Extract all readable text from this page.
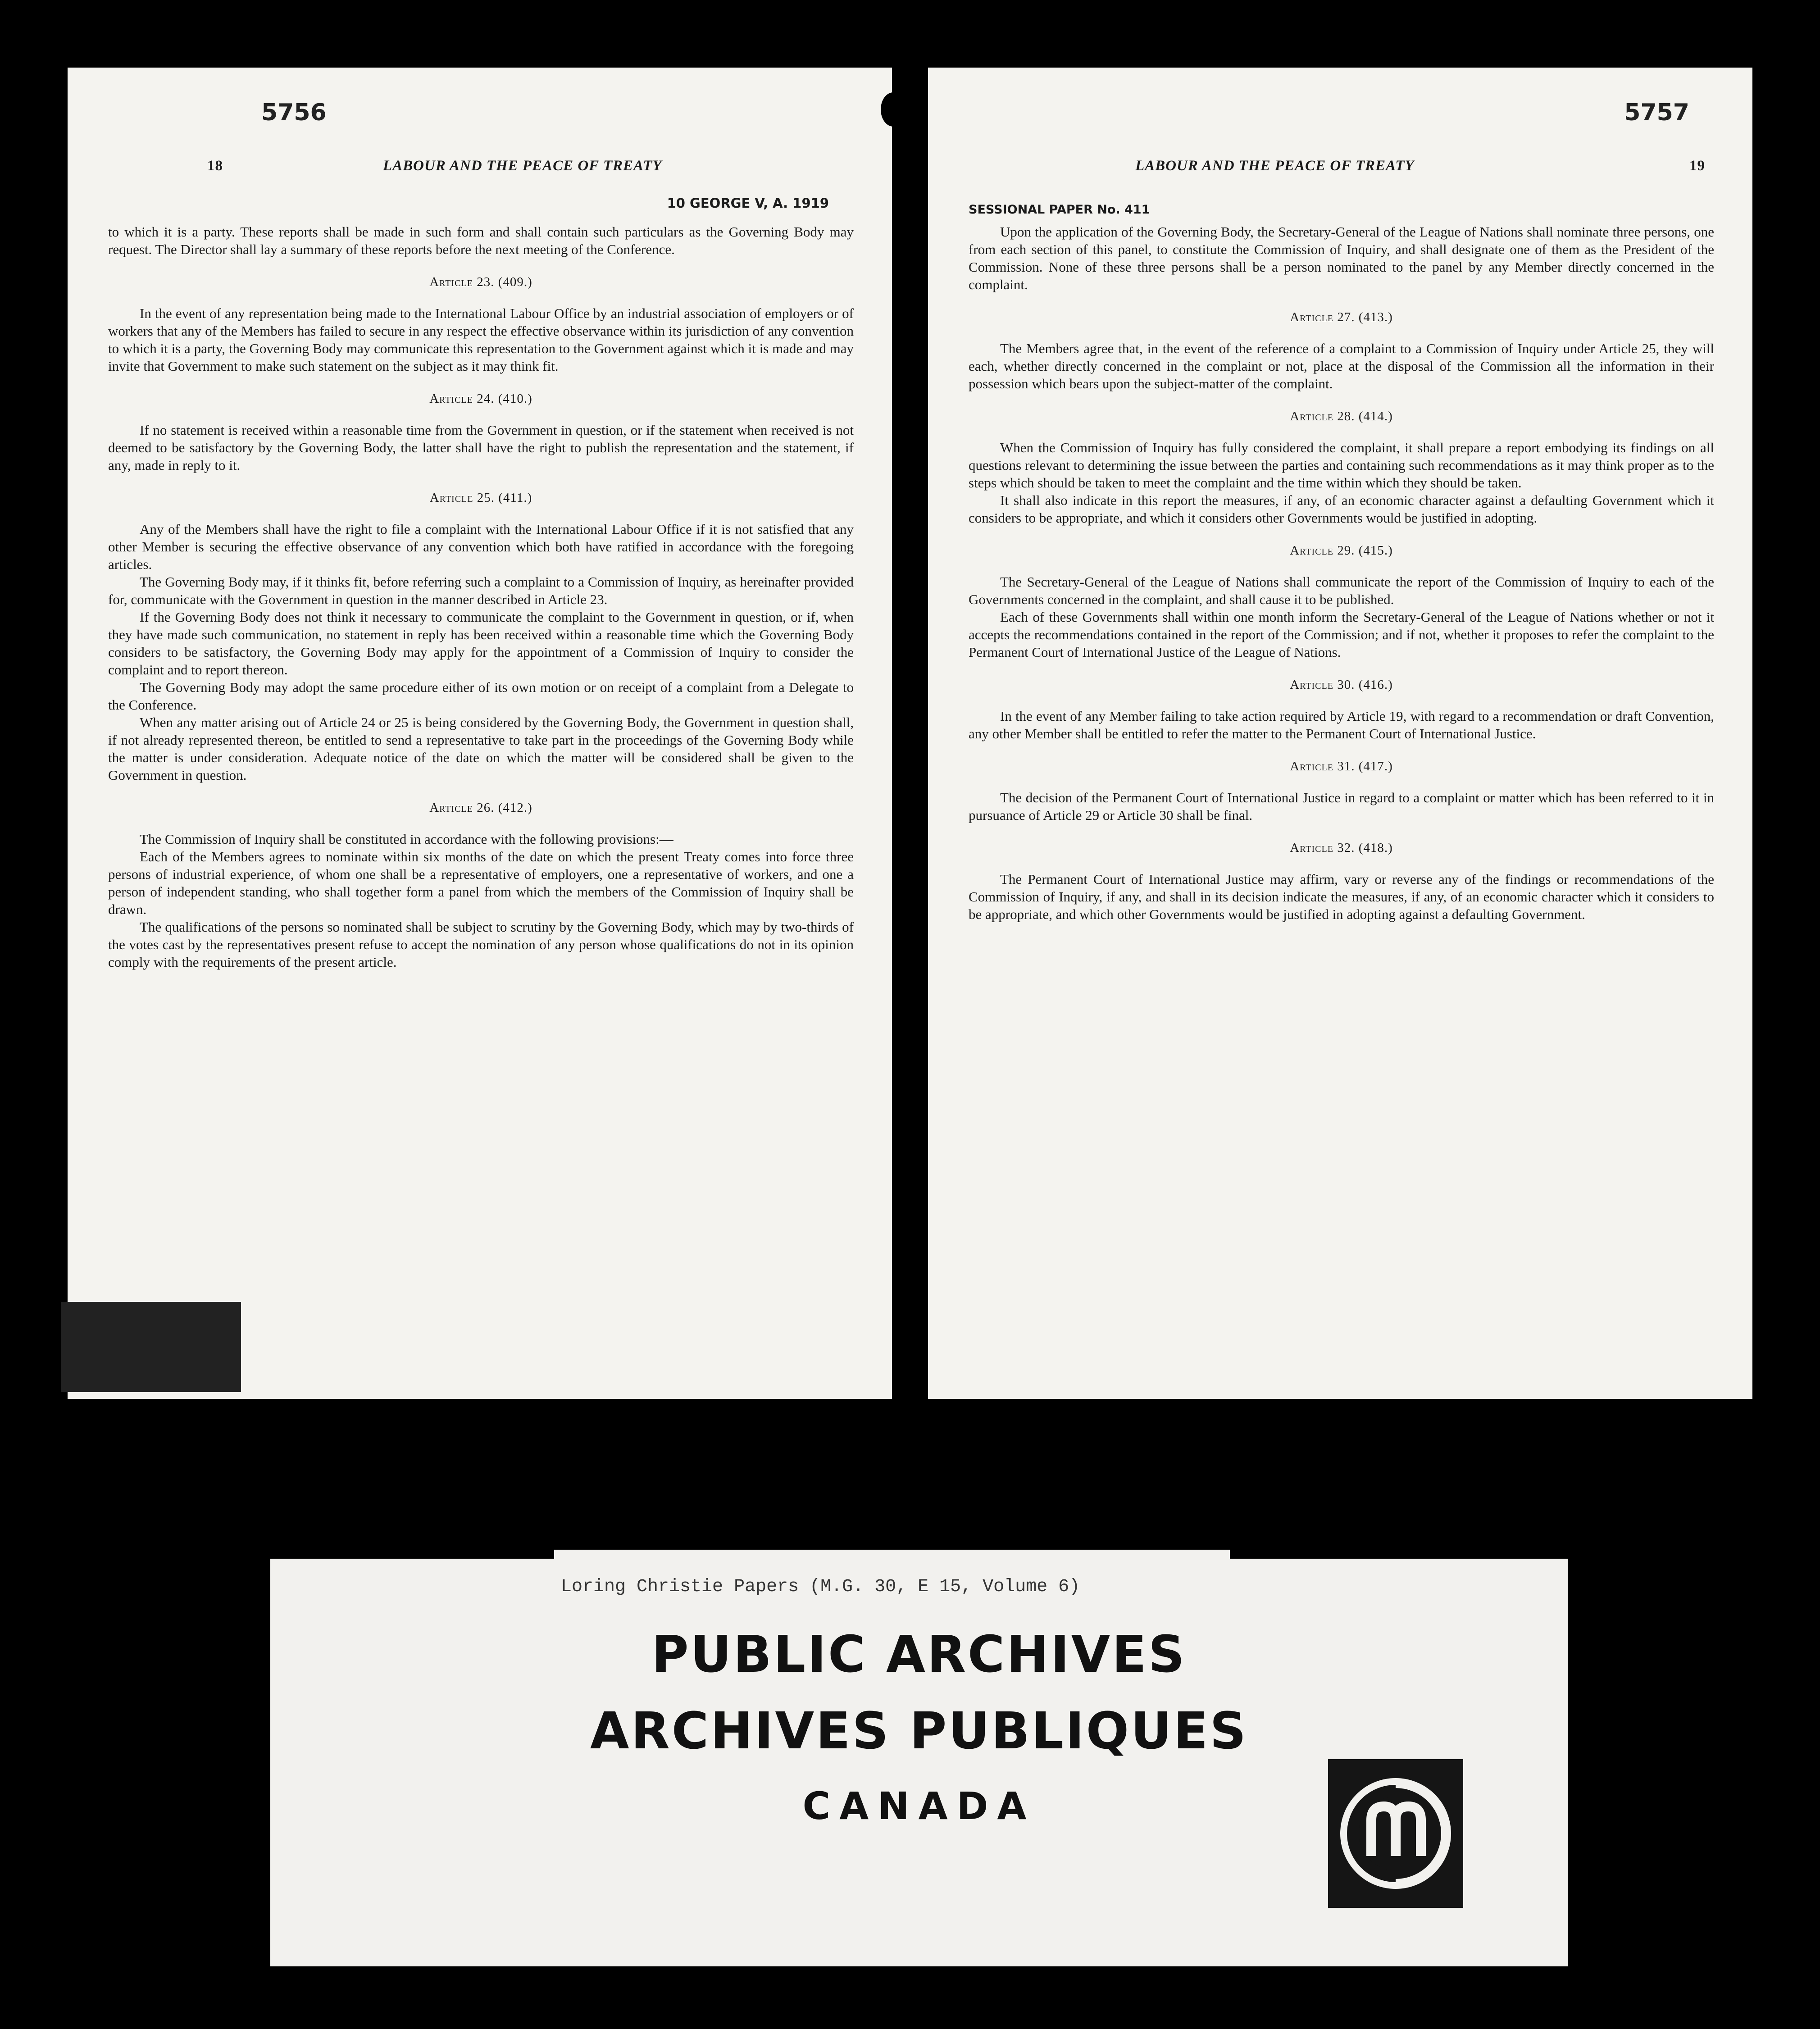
5756
18	LABOUR AND THE PEACE OF TREATY
10 GEORGE V, A. 1919

to which it is a party. These reports shall be made in such form and shall contain such particulars as the Governing Body may request. The Director shall lay a summary of these reports before the next meeting of the Conference.

Article 23. (409.)

In the event of any representation being made to the International Labour Office by an industrial association of employers or of workers that any of the Members has failed to secure in any respect the effective observance within its jurisdiction of any convention to which it is a party, the Governing Body may communicate this representation to the Government against which it is made and may invite that Government to make such statement on the subject as it may think fit.

Article 24. (410.)

If no statement is received within a reasonable time from the Government in question, or if the statement when received is not deemed to be satisfactory by the Governing Body, the latter shall have the right to publish the representation and the statement, if any, made in reply to it.

Article 25. (411.)

Any of the Members shall have the right to file a complaint with the International Labour Office if it is not satisfied that any other Member is securing the effective observance of any convention which both have ratified in accordance with the foregoing articles.

The Governing Body may, if it thinks fit, before referring such a complaint to a Commission of Inquiry, as hereinafter provided for, communicate with the Government in question in the manner described in Article 23.

If the Governing Body does not think it necessary to communicate the complaint to the Government in question, or if, when they have made such communication, no statement in reply has been received within a reasonable time which the Governing Body considers to be satisfactory, the Governing Body may apply for the appointment of a Commission of Inquiry to consider the complaint and to report thereon.

The Governing Body may adopt the same procedure either of its own motion or on receipt of a complaint from a Delegate to the Conference.

When any matter arising out of Article 24 or 25 is being considered by the Governing Body, the Government in question shall, if not already represented thereon, be entitled to send a representative to take part in the proceedings of the Governing Body while the matter is under consideration. Adequate notice of the date on which the matter will be considered shall be given to the Government in question.

Article 26. (412.)

The Commission of Inquiry shall be constituted in accordance with the following provisions:—

Each of the Members agrees to nominate within six months of the date on which the present Treaty comes into force three persons of industrial experience, of whom one shall be a representative of employers, one a representative of workers, and one a person of independent standing, who shall together form a panel from which the members of the Commission of Inquiry shall be drawn.

The qualifications of the persons so nominated shall be subject to scrutiny by the Governing Body, which may by two-thirds of the votes cast by the representatives present refuse to accept the nomination of any person whose qualifications do not in its opinion comply with the requirements of the present article.

5757
LABOUR AND THE PEACE OF TREATY	19
SESSIONAL PAPER No. 411

Upon the application of the Governing Body, the Secretary-General of the League of Nations shall nominate three persons, one from each section of this panel, to constitute the Commission of Inquiry, and shall designate one of them as the President of the Commission. None of these three persons shall be a person nominated to the panel by any Member directly concerned in the complaint.

Article 27. (413.)

The Members agree that, in the event of the reference of a complaint to a Commission of Inquiry under Article 25, they will each, whether directly concerned in the complaint or not, place at the disposal of the Commission all the information in their possession which bears upon the subject-matter of the complaint.

Article 28. (414.)

When the Commission of Inquiry has fully considered the complaint, it shall prepare a report embodying its findings on all questions relevant to determining the issue between the parties and containing such recommendations as it may think proper as to the steps which should be taken to meet the complaint and the time within which they should be taken.

It shall also indicate in this report the measures, if any, of an economic character against a defaulting Government which it considers to be appropriate, and which it considers other Governments would be justified in adopting.

Article 29. (415.)

The Secretary-General of the League of Nations shall communicate the report of the Commission of Inquiry to each of the Governments concerned in the complaint, and shall cause it to be published.

Each of these Governments shall within one month inform the Secretary-General of the League of Nations whether or not it accepts the recommendations contained in the report of the Commission; and if not, whether it proposes to refer the complaint to the Permanent Court of International Justice of the League of Nations.

Article 30. (416.)

In the event of any Member failing to take action required by Article 19, with regard to a recommendation or draft Convention, any other Member shall be entitled to refer the matter to the Permanent Court of International Justice.

Article 31. (417.)

The decision of the Permanent Court of International Justice in regard to a complaint or matter which has been referred to it in pursuance of Article 29 or Article 30 shall be final.

Article 32. (418.)

The Permanent Court of International Justice may affirm, vary or reverse any of the findings or recommendations of the Commission of Inquiry, if any, and shall in its decision indicate the measures, if any, of an economic character which it considers to be appropriate, and which other Governments would be justified in adopting against a defaulting Government.

Loring Christie Papers (M.G. 30, E 15, Volume 6)
PUBLIC ARCHIVES
ARCHIVES PUBLIQUES
CANADA
